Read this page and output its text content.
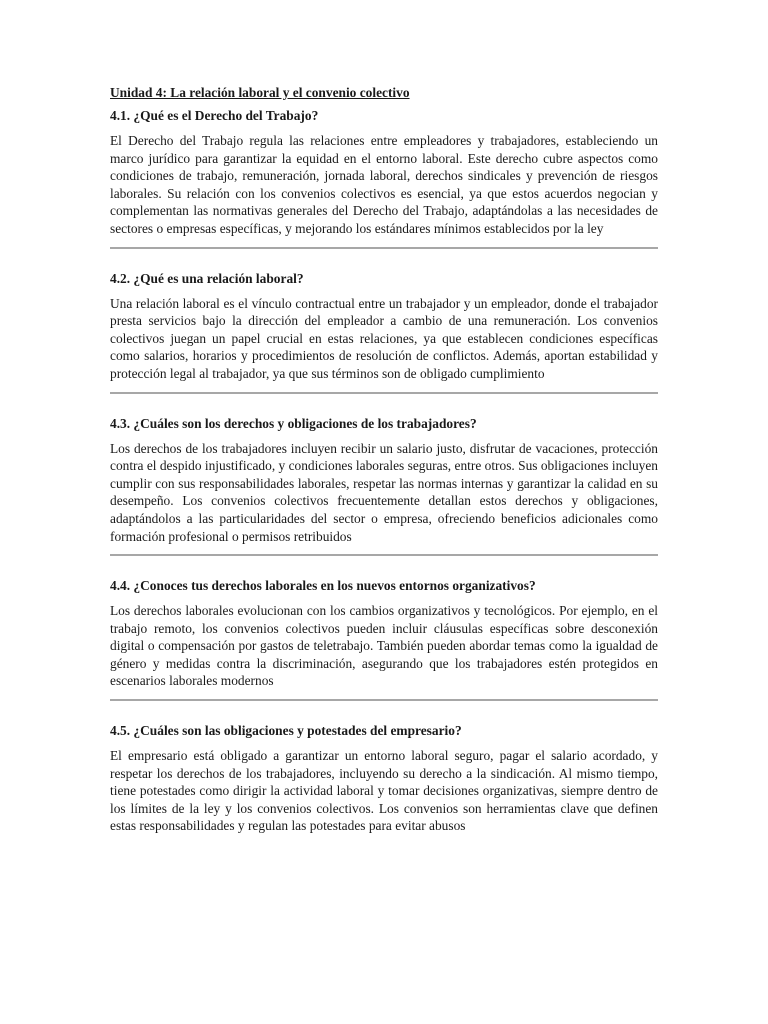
Unidad 4: La relación laboral y el convenio colectivo
4.1. ¿Qué es el Derecho del Trabajo?

El Derecho del Trabajo regula las relaciones entre empleadores y trabajadores, estableciendo un marco jurídico para garantizar la equidad en el entorno laboral. Este derecho cubre aspectos como condiciones de trabajo, remuneración, jornada laboral, derechos sindicales y prevención de riesgos laborales. Su relación con los convenios colectivos es esencial, ya que estos acuerdos negocian y complementan las normativas generales del Derecho del Trabajo, adaptándolas a las necesidades de sectores o empresas específicas, y mejorando los estándares mínimos establecidos por la ley

4.2. ¿Qué es una relación laboral?

Una relación laboral es el vínculo contractual entre un trabajador y un empleador, donde el trabajador presta servicios bajo la dirección del empleador a cambio de una remuneración. Los convenios colectivos juegan un papel crucial en estas relaciones, ya que establecen condiciones específicas como salarios, horarios y procedimientos de resolución de conflictos. Además, aportan estabilidad y protección legal al trabajador, ya que sus términos son de obligado cumplimiento

4.3. ¿Cuáles son los derechos y obligaciones de los trabajadores?

Los derechos de los trabajadores incluyen recibir un salario justo, disfrutar de vacaciones, protección contra el despido injustificado, y condiciones laborales seguras, entre otros. Sus obligaciones incluyen cumplir con sus responsabilidades laborales, respetar las normas internas y garantizar la calidad en su desempeño. Los convenios colectivos frecuentemente detallan estos derechos y obligaciones, adaptándolos a las particularidades del sector o empresa, ofreciendo beneficios adicionales como formación profesional o permisos retribuidos

4.4. ¿Conoces tus derechos laborales en los nuevos entornos organizativos?

Los derechos laborales evolucionan con los cambios organizativos y tecnológicos. Por ejemplo, en el trabajo remoto, los convenios colectivos pueden incluir cláusulas específicas sobre desconexión digital o compensación por gastos de teletrabajo. También pueden abordar temas como la igualdad de género y medidas contra la discriminación, asegurando que los trabajadores estén protegidos en escenarios laborales modernos

4.5. ¿Cuáles son las obligaciones y potestades del empresario?

El empresario está obligado a garantizar un entorno laboral seguro, pagar el salario acordado, y respetar los derechos de los trabajadores, incluyendo su derecho a la sindicación. Al mismo tiempo, tiene potestades como dirigir la actividad laboral y tomar decisiones organizativas, siempre dentro de los límites de la ley y los convenios colectivos. Los convenios son herramientas clave que definen estas responsabilidades y regulan las potestades para evitar abusos
